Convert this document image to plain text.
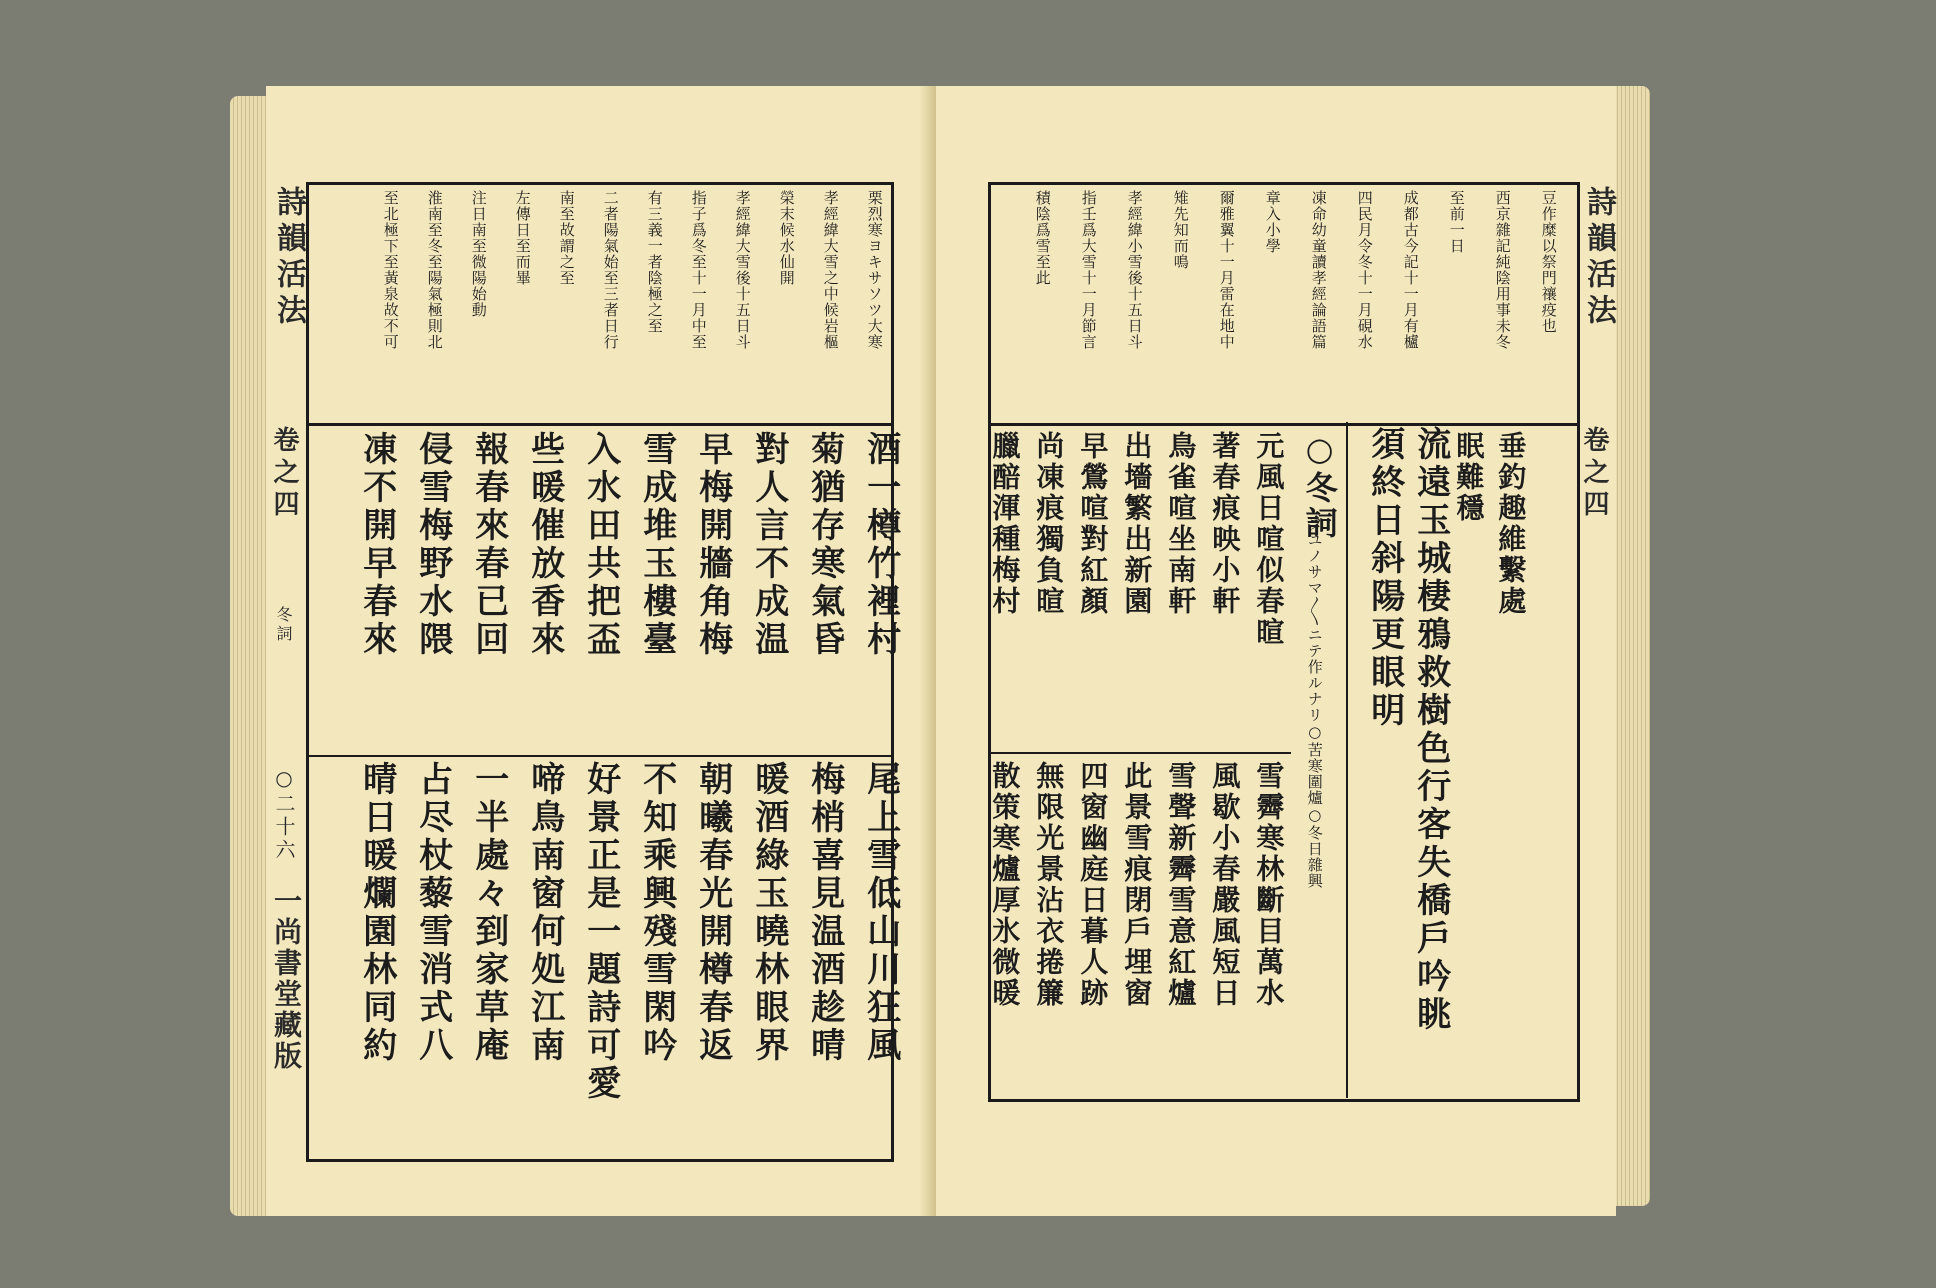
詩韻活法
卷之四
冬詞
○二十六
一尚書堂藏版
栗烈寒ヨキサソツ大寒
孝經緯大雪之中候岩樞
榮末候水仙開
孝經緯大雪後十五日斗
指子爲冬至十一月中至
有三義一者陰極之至
二者陽氣始至三者日行
南至故謂之至
左傳日至而畢
注日南至微陽始動
淮南至冬至陽氣極則北
至北極下至黃泉故不可
酒一樽竹裡村
菊猶存寒氣昏
對人言不成温
早梅開牆角梅
雪成堆玉樓臺
入水田共把盃
些暖催放香來
報春來春已回
侵雪梅野水隈
凍不開早春來
尾上雪低山川狂風
梅梢喜見温酒趁晴
暖酒綠玉曉林眼界
朝曦春光開樽春返
不知乘興殘雪閑吟
好景正是一題詩可愛
啼鳥南窗何処江南
一半處々到家草庵
占尽杖藜雪消式八
晴日暖爛園林同約
詩韻活法
卷之四
豆作糜以祭門禳疫也
西京雜記純陰用事未冬
至前一日
成都古今記十一月有櫨
四民月令冬十一月硯水
凍命幼童讀孝經論語篇
章入小學
爾雅翼十一月雷在地中
雉先知而鳴
孝經緯小雪後十五日斗
指壬爲大雪十一月節言
積陰爲雪至此
垂釣趣維繫處
眠難穩
流遠玉城棲鴉救樹色行客失橋戶吟眺
須終日斜陽更眼明
○冬詞
フユノサマ〳〵ニテ作ルナリ○苦寒圍爐○冬日雜興
元風日喧似春暄
著春痕映小軒
鳥雀喧坐南軒
出墻繁出新園
早鶯喧對紅顏
尚凍痕獨負暄
臘醅渾種梅村
雪霽寒林斷目萬水
風歇小春嚴風短日
雪聲新霽雪意紅爐
此景雪痕閉戶埋窗
四窗幽庭日暮人跡
無限光景沾衣捲簾
散策寒爐厚氷微暖
